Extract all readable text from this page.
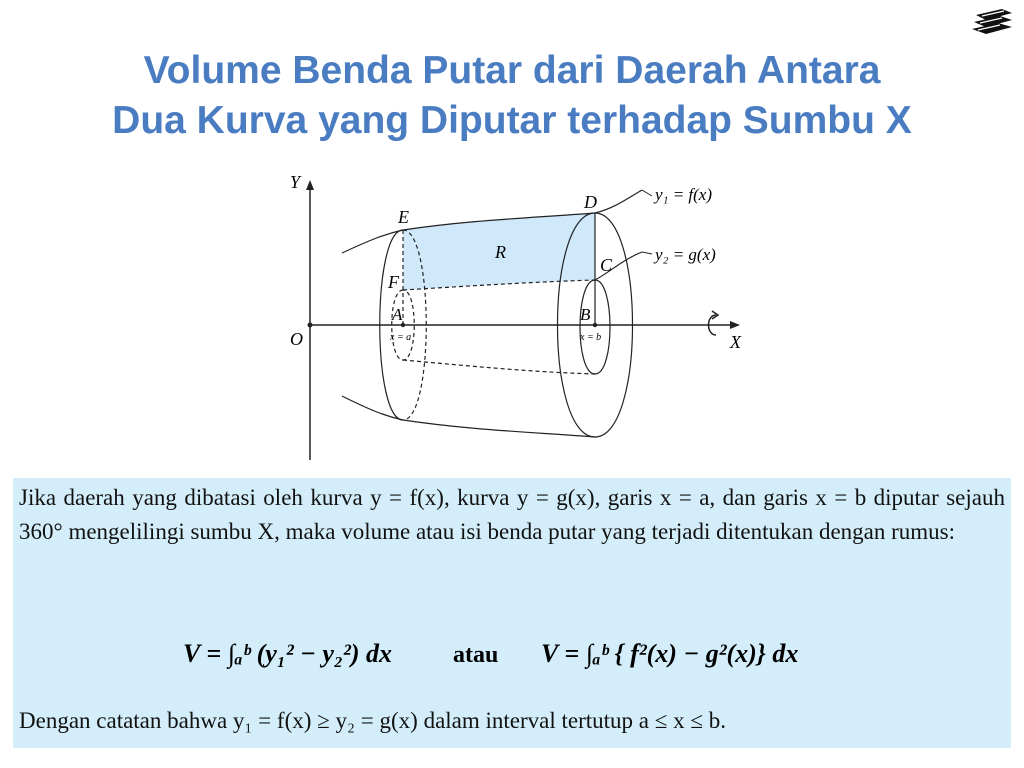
Volume Benda Putar dari Daerah Antara
Dua Kurva yang Diputar terhadap Sumbu X
Y
X
O
E
D
F
C
A	B
R
y₁ = f(x)
y₂ = g(x)
x = a	x = b
Jika daerah yang dibatasi oleh kurva y = f(x), kurva y = g(x), garis x = a, dan garis x = b diputar sejauh 360° mengelilingi sumbu X, maka volume atau isi benda putar yang terjadi ditentukan dengan rumus:
V = ∫ₐᵇ (y₁² − y₂²) dx	atau V = ∫ₐᵇ { f²(x) − g²(x)} dx
Dengan catatan bahwa y₁ = f(x) ≥ y₂ = g(x) dalam interval tertutup a ≤ x ≤ b.
